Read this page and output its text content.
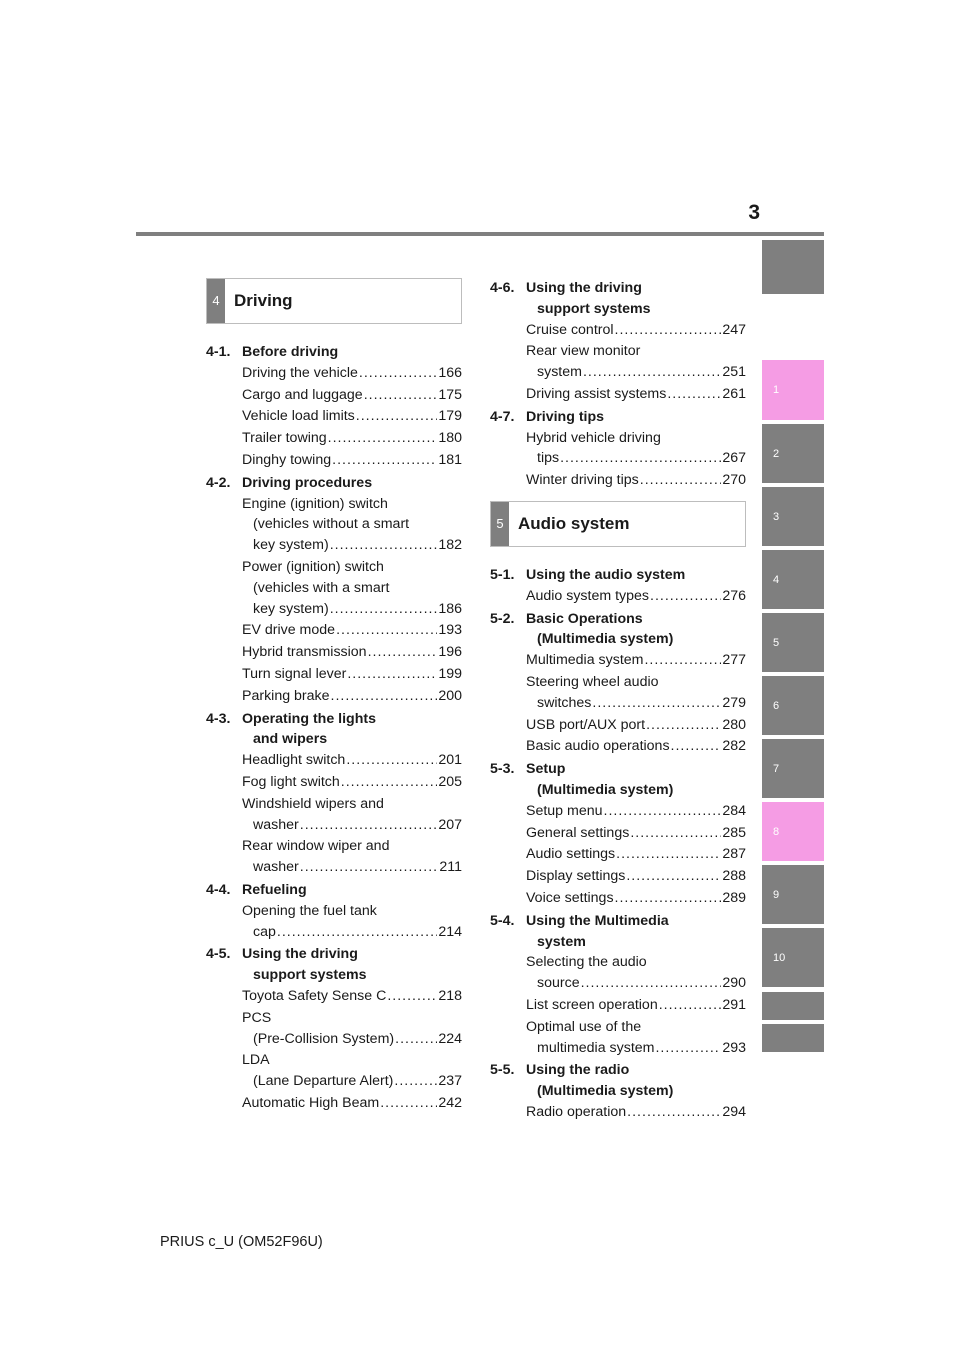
3
1
2
3
4
5
6
7
8
9
10
4 Driving
4-1. Before driving
Driving the vehicle .....	166
Cargo and luggage .....	175
Vehicle load limits .....	179
Trailer towing .....	180
Dinghy towing .....	181
4-2. Driving procedures
Engine (ignition) switch
(vehicles without a smart
key system) .....	182
Power (ignition) switch
(vehicles with a smart
key system) .....	186
EV drive mode .....	193
Hybrid transmission .....	196
Turn signal lever .....	199
Parking brake .....	200
4-3. Operating the lights
and wipers
Headlight switch .....	201
Fog light switch .....	205
Windshield wipers and
washer .....	207
Rear window wiper and
washer .....	211
4-4. Refueling
Opening the fuel tank
cap .....	214
4-5. Using the driving
support systems
Toyota Safety Sense C .....	218
PCS
(Pre-Collision System) .....	224
LDA
(Lane Departure Alert) .....	237
Automatic High Beam .....	242
4-6. Using the driving
support systems
Cruise control .....	247
Rear view monitor
system .....	251
Driving assist systems .....	261
4-7. Driving tips
Hybrid vehicle driving
tips .....	267
Winter driving tips .....	270
5 Audio system
5-1. Using the audio system
Audio system types .....	276
5-2. Basic Operations
(Multimedia system)
Multimedia system .....	277
Steering wheel audio
switches .....	279
USB port/AUX port .....	280
Basic audio operations .....	282
5-3. Setup
(Multimedia system)
Setup menu .....	284
General settings .....	285
Audio settings .....	287
Display settings .....	288
Voice settings .....	289
5-4. Using the Multimedia
system
Selecting the audio
source .....	290
List screen operation .....	291
Optimal use of the
multimedia system .....	293
5-5. Using the radio
(Multimedia system)
Radio operation .....	294
PRIUS c_U (OM52F96U)
